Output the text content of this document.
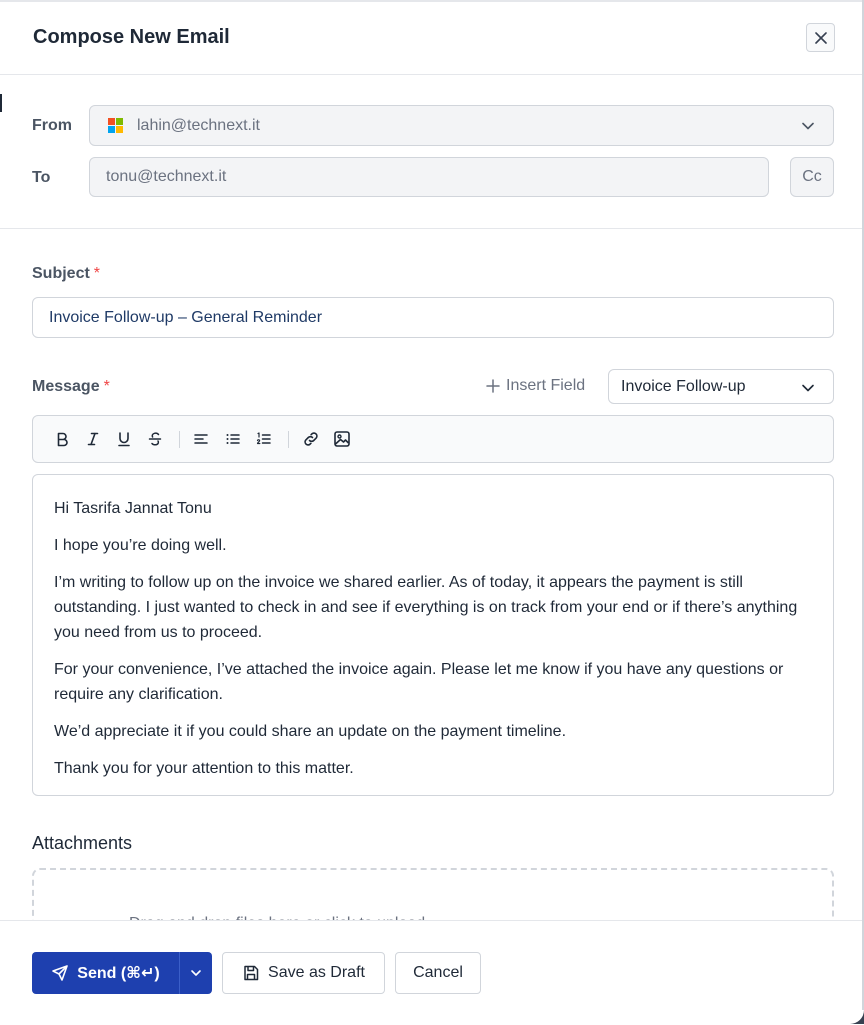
Compose New Email
From	lahin@technext.it
To	tonu@technext.it	Cc
Subject *
Invoice Follow-up – General Reminder
Message *	Insert Field Invoice Follow-up

Hi Tasrifa Jannat Tonu

I hope you’re doing well.

I’m writing to follow up on the invoice we shared earlier. As of today, it appears the payment is still outstanding. I just wanted to check in and see if everything is on track from your end or if there’s anything you need from us to proceed.

For your convenience, I’ve attached the invoice again. Please let me know if you have any questions or require any clarification.

We’d appreciate it if you could share an update on the payment timeline.

Thank you for your attention to this matter.

Attachments
Send (⌘↵)	Save as Draft	Cancel
